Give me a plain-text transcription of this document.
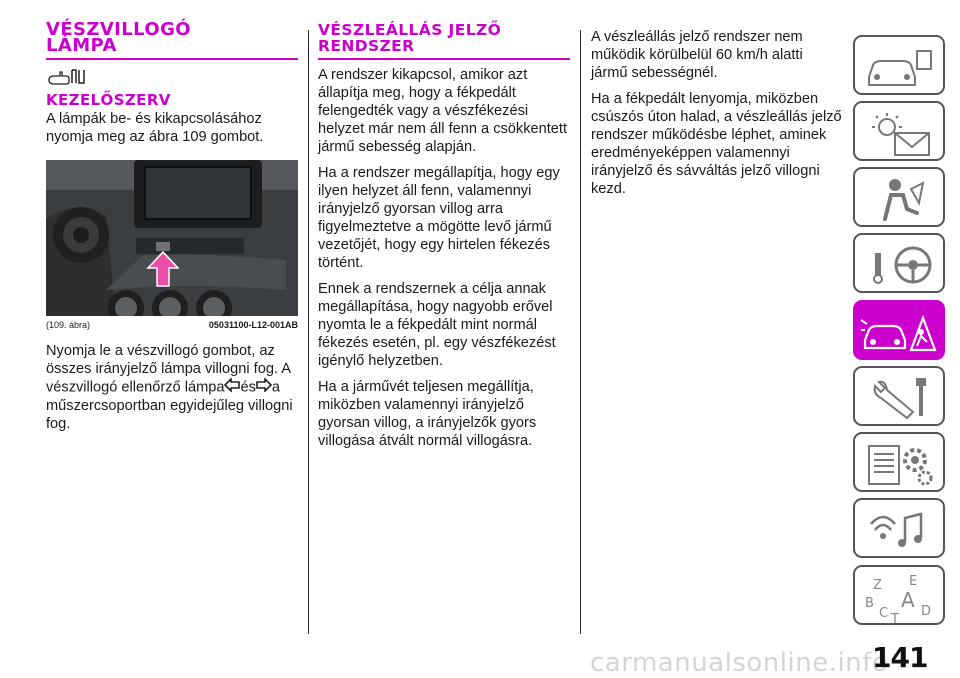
VÉSZVILLOGÓ
LÁMPA
KEZELŐSZERV

A lámpák be- és kikapcsolásához nyomja meg az ábra 109 gombot.

(109. ábra)	05031100-L12-001AB

Nyomja le a vészvillogó gombot, az összes irányjelző lámpa villogni fog. A vészvillogó ellenőrző lámpa és a műszercsoportban egyidejűleg villogni fog.

VÉSZLEÁLLÁS JELZŐ
RENDSZER

A rendszer kikapcsol, amikor azt állapítja meg, hogy a fékpedált felengedték vagy a vészfékezési helyzet már nem áll fenn a csökkentett jármű sebesség alapján.

Ha a rendszer megállapítja, hogy egy ilyen helyzet áll fenn, valamennyi irányjelző gyorsan villog arra figyelmeztetve a mögötte levő jármű vezetőjét, hogy egy hirtelen fékezés történt.

Ennek a rendszernek a célja annak megállapítása, hogy nagyobb erővel nyomta le a fékpedált mint normál fékezés esetén, pl. egy vészfékezést igénylő helyzetben.

Ha a járművét teljesen megállítja, miközben valamennyi irányjelző gyorsan villog, a irányjelzők gyors villogása átvált normál villogásra.

A vészleállás jelző rendszer nem működik körülbelül 60 km/h alatti jármű sebességnél.

Ha a fékpedált lenyomja, miközben csúszós úton halad, a vészleállás jelző rendszer működésbe léphet, aminek eredményeképpen valamennyi irányjelző és sávváltás jelző villogni kezd.

Z E
B A
C T
D
carmanualsonline.info
141
